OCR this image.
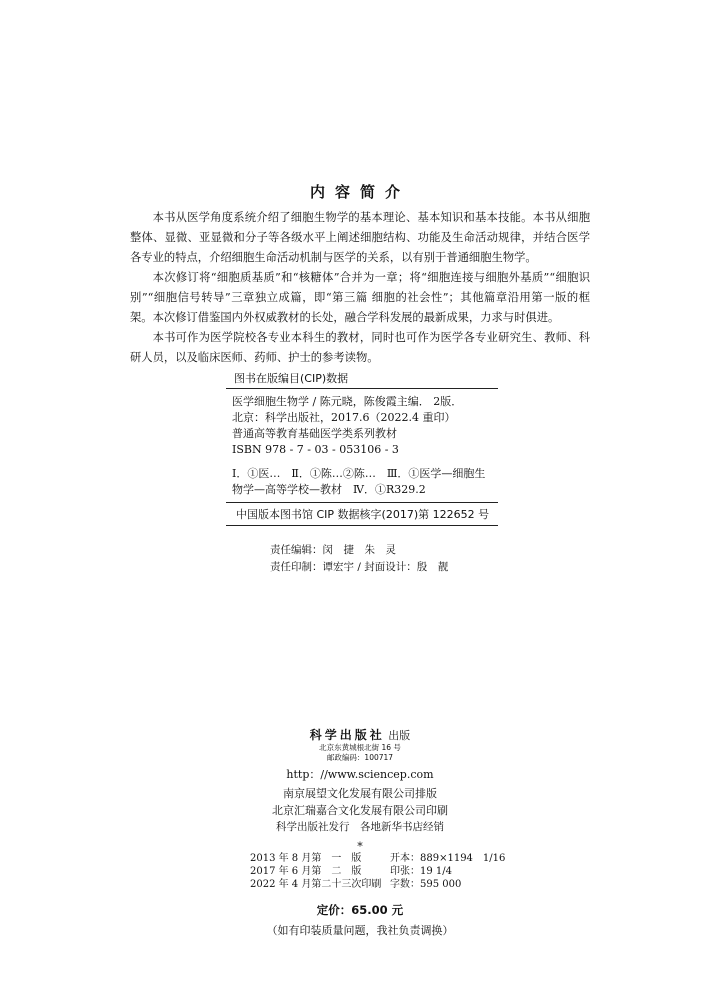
内容简介

本书从医学角度系统介绍了细胞生物学的基本理论、基本知识和基本技能。本书从细胞整体、显微、亚显微和分子等各级水平上阐述细胞结构、功能及生命活动规律，并结合医学各专业的特点，介绍细胞生命活动机制与医学的关系，以有别于普通细胞生物学。

本次修订将“细胞质基质”和“核糖体”合并为一章；将“细胞连接与细胞外基质”“细胞识别”“细胞信号转导”三章独立成篇，即“第三篇 细胞的社会性”；其他篇章沿用第一版的框架。本次修订借鉴国内外权威教材的长处，融合学科发展的最新成果，力求与时俱进。

本书可作为医学院校各专业本科生的教材，同时也可作为医学各专业研究生、教师、科研人员，以及临床医师、药师、护士的参考读物。

图书在版编目(CIP)数据
医学细胞生物学 / 陈元晓，陈俊霞主编． 2版．
北京：科学出版社，2017.6（2022.4 重印）
普通高等教育基础医学类系列教材
ISBN 978 - 7 - 03 - 053106 - 3
Ⅰ．①医…　Ⅱ．①陈…②陈…　Ⅲ．①医学—细胞生
物学—高等学校—教材　Ⅳ．①R329.2
中国版本图书馆 CIP 数据核字(2017)第 122652 号
责任编辑：闵　捷　朱　灵
责任印制：谭宏宇 / 封面设计：殷　靓
科学出版社 出版
北京东黄城根北街 16 号
邮政编码：100717
http：//www.sciencep.com
南京展望文化发展有限公司排版
北京汇瑞嘉合文化发展有限公司印刷
科学出版社发行　各地新华书店经销
*
2013 年 8 月第　一　版	开本：889×1194　1/16
2017 年 6 月第　二　版	印张：19 1/4
2022 年 4 月第二十三次印刷 字数：595 000
定价：65.00 元
（如有印装质量问题，我社负责调换）
